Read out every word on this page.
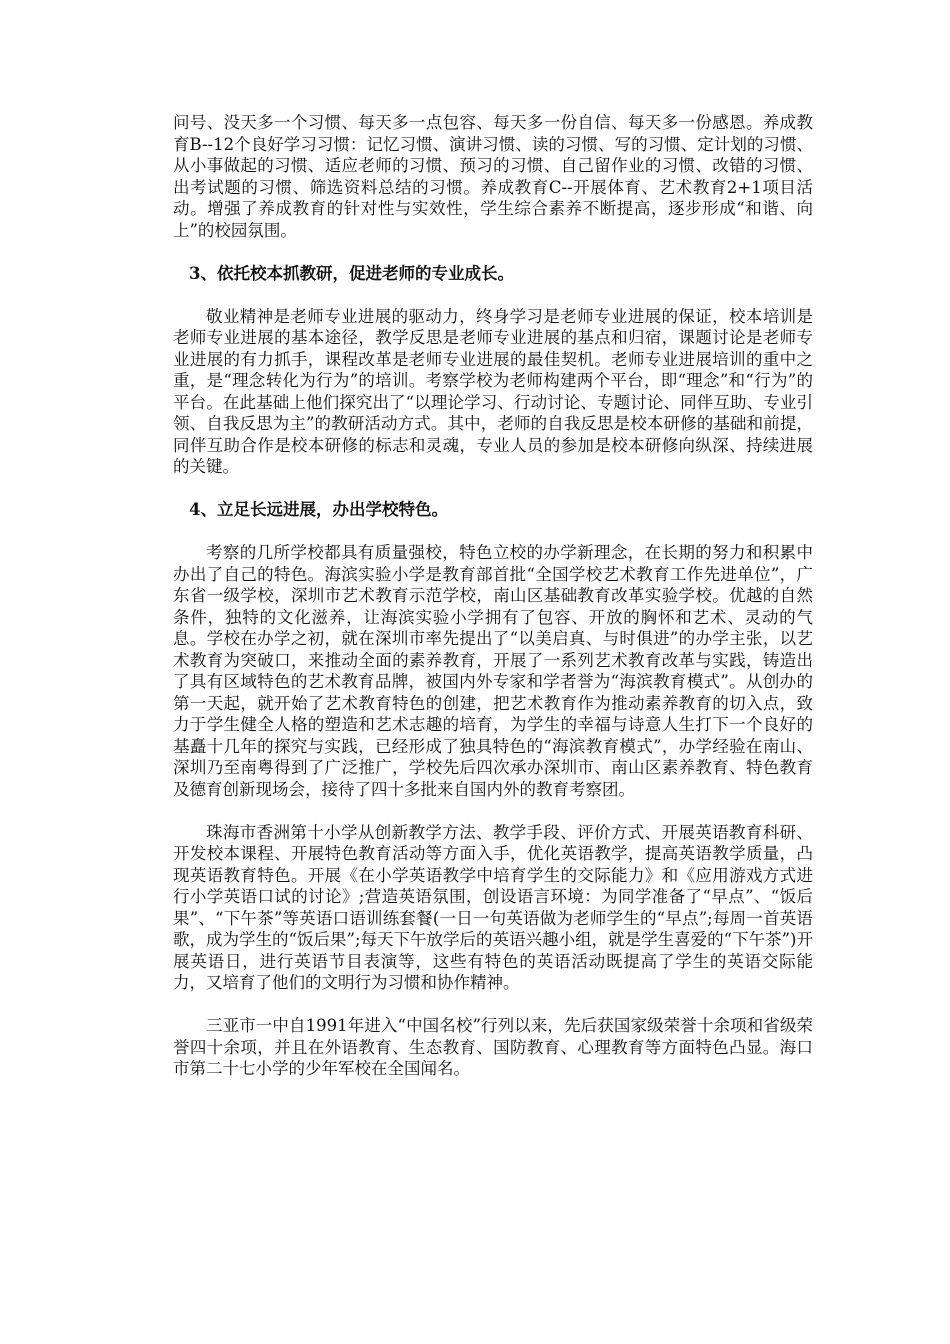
问号、没天多一个习惯、每天多一点包容、每天多一份自信、每天多一份感恩。养成教育B--12个良好学习习惯：记忆习惯、演讲习惯、读的习惯、写的习惯、定计划的习惯、从小事做起的习惯、适应老师的习惯、预习的习惯、自己留作业的习惯、改错的习惯、出考试题的习惯、筛选资料总结的习惯。养成教育C--开展体育、艺术教育2+1项目活动。增强了养成教育的针对性与实效性，学生综合素养不断提高，逐步形成“和谐、向上”的校园氛围。

3、依托校本抓教研，促进老师的专业成长。

敬业精神是老师专业进展的驱动力，终身学习是老师专业进展的保证，校本培训是老师专业进展的基本途径，教学反思是老师专业进展的基点和归宿，课题讨论是老师专业进展的有力抓手，课程改革是老师专业进展的最佳契机。老师专业进展培训的重中之重，是“理念转化为行为”的培训。考察学校为老师构建两个平台，即“理念”和“行为”的平台。在此基础上他们探究出了“以理论学习、行动讨论、专题讨论、同伴互助、专业引领、自我反思为主”的教研活动方式。其中，老师的自我反思是校本研修的基础和前提，同伴互助合作是校本研修的标志和灵魂，专业人员的参加是校本研修向纵深、持续进展的关键。

4、立足长远进展，办出学校特色。

考察的几所学校都具有质量强校，特色立校的办学新理念，在长期的努力和积累中办出了自己的特色。海滨实验小学是教育部首批“全国学校艺术教育工作先进单位”，广东省一级学校，深圳市艺术教育示范学校，南山区基础教育改革实验学校。优越的自然条件，独特的文化滋养，让海滨实验小学拥有了包容、开放的胸怀和艺术、灵动的气息。学校在办学之初，就在深圳市率先提出了“以美启真、与时俱进”的办学主张，以艺术教育为突破口，来推动全面的素养教育，开展了一系列艺术教育改革与实践，铸造出了具有区域特色的艺术教育品牌，被国内外专家和学者誉为“海滨教育模式”。从创办的第一天起，就开始了艺术教育特色的创建，把艺术教育作为推动素养教育的切入点，致力于学生健全人格的塑造和艺术志趣的培育，为学生的幸福与诗意人生打下一个良好的基矗十几年的探究与实践，已经形成了独具特色的“海滨教育模式”，办学经验在南山、深圳乃至南粤得到了广泛推广，学校先后四次承办深圳市、南山区素养教育、特色教育及德育创新现场会，接待了四十多批来自国内外的教育考察团。

珠海市香洲第十小学从创新教学方法、教学手段、评价方式、开展英语教育科研、开发校本课程、开展特色教育活动等方面入手，优化英语教学，提高英语教学质量，凸现英语教育特色。开展《在小学英语教学中培育学生的交际能力》和《应用游戏方式进行小学英语口试的讨论》;营造英语氛围，创设语言环境：为同学准备了“早点”、“饭后果”、“下午茶”等英语口语训练套餐(一日一句英语做为老师学生的“早点”;每周一首英语歌，成为学生的“饭后果”;每天下午放学后的英语兴趣小组，就是学生喜爱的“下午茶”)开展英语日，进行英语节目表演等，这些有特色的英语活动既提高了学生的英语交际能力，又培育了他们的文明行为习惯和协作精神。

三亚市一中自1991年进入“中国名校”行列以来，先后获国家级荣誉十余项和省级荣誉四十余项，并且在外语教育、生态教育、国防教育、心理教育等方面特色凸显。海口市第二十七小学的少年军校在全国闻名。
